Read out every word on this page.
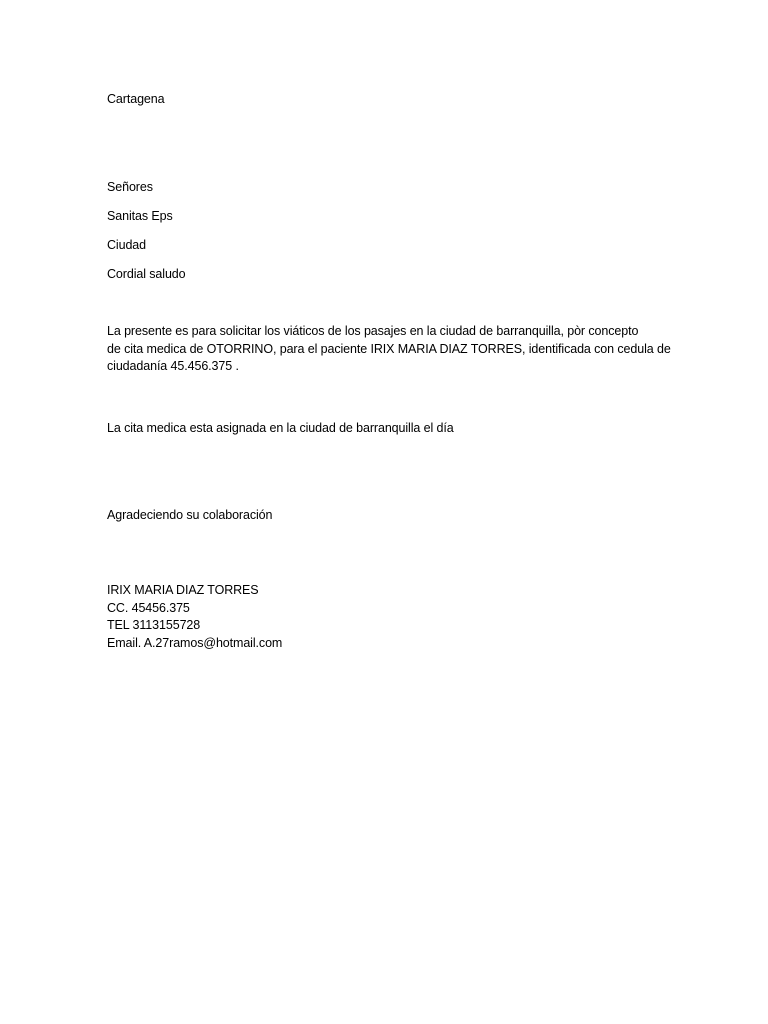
Cartagena
Señores
Sanitas Eps
Ciudad
Cordial saludo
La presente es para solicitar los viáticos de los pasajes en la ciudad de barranquilla, pòr concepto
de cita medica de OTORRINO, para el paciente IRIX MARIA DIAZ TORRES, identificada con cedula de
ciudadanía 45.456.375 .
La cita medica esta asignada en la ciudad de barranquilla el día
Agradeciendo su colaboración
IRIX MARIA DIAZ TORRES
CC. 45456.375
TEL 3113155728
Email. A.27ramos@hotmail.com
